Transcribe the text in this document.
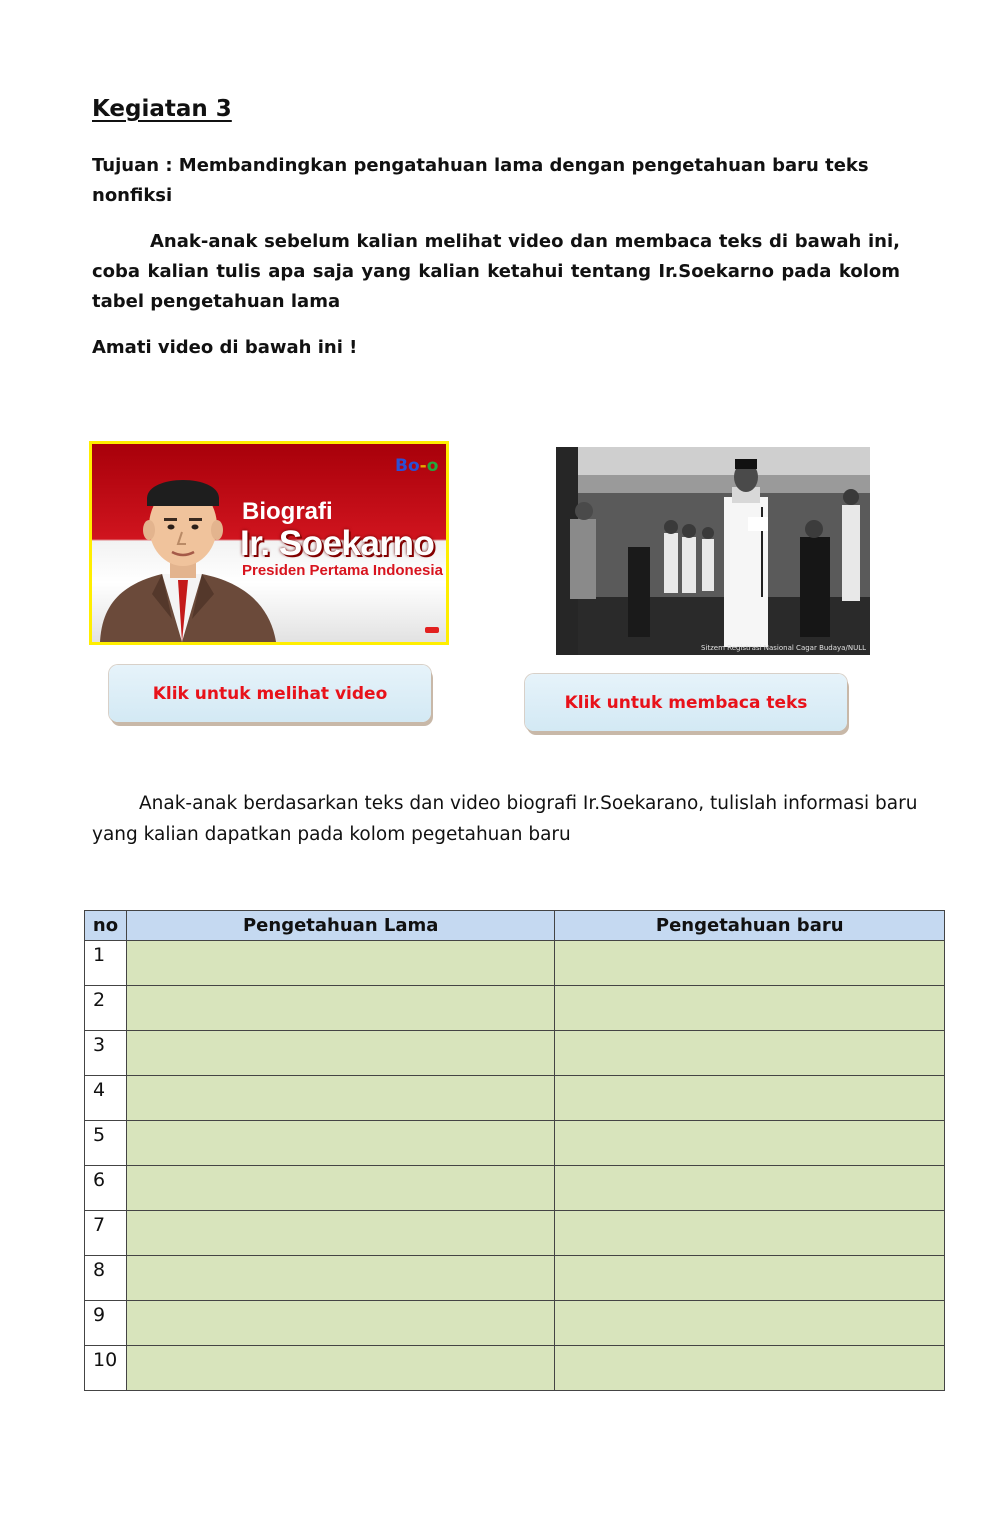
Kegiatan 3

Tujuan : Membandingkan pengatahuan lama dengan pengetahuan baru teks nonfiksi

Anak-anak sebelum kalian melihat video dan membaca teks di bawah ini, coba kalian tulis apa saja yang kalian ketahui tentang Ir.Soekarno pada kolom tabel pengetahuan lama

Amati video di bawah ini !

Bo-o
Biografi
Ir. Soekarno
Presiden Pertama Indonesia
Sitzem Registrasi Nasional Cagar Budaya/NULL
Klik untuk melihat video	Klik untuk membaca teks

Anak-anak berdasarkan teks dan video biografi Ir.Soekarano, tulislah informasi baru yang kalian dapatkan pada kolom pegetahuan baru

no	Pengetahuan Lama	Pengetahuan baru
1		
2		
3		
4		
5		
6		
7		
8		
9		
10		
